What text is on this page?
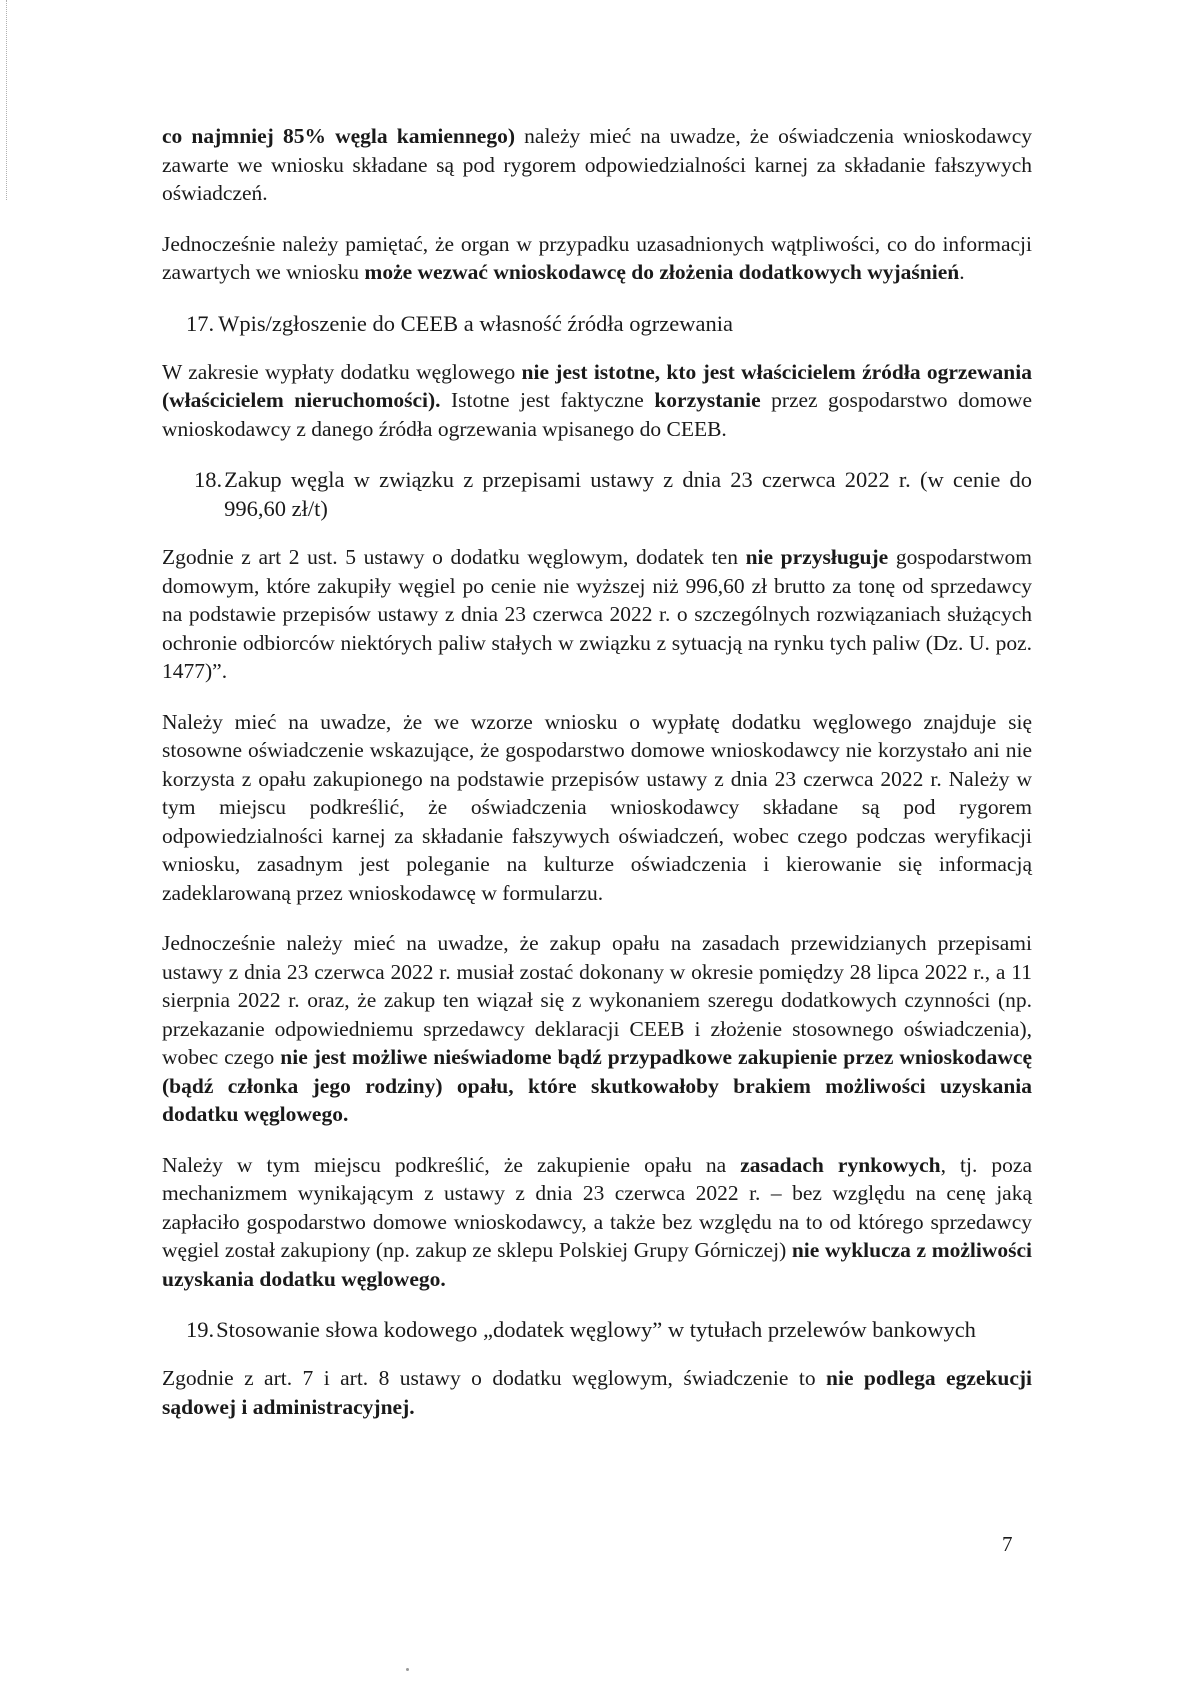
co najmniej 85% węgla kamiennego) należy mieć na uwadze, że oświadczenia wnioskodawcy zawarte we wniosku składane są pod rygorem odpowiedzialności karnej za składanie fałszywych oświadczeń.

Jednocześnie należy pamiętać, że organ w przypadku uzasadnionych wątpliwości, co do informacji zawartych we wniosku może wezwać wnioskodawcę do złożenia dodatkowych wyjaśnień.

17. Wpis/zgłoszenie do CEEB a własność źródła ogrzewania

W zakresie wypłaty dodatku węglowego nie jest istotne, kto jest właścicielem źródła ogrzewania (właścicielem nieruchomości). Istotne jest faktyczne korzystanie przez gospodarstwo domowe wnioskodawcy z danego źródła ogrzewania wpisanego do CEEB.

18. Zakup węgla w związku z przepisami ustawy z dnia 23 czerwca 2022 r. (w cenie do 996,60 zł/t)

Zgodnie z art 2 ust. 5 ustawy o dodatku węglowym, dodatek ten nie przysługuje gospodarstwom domowym, które zakupiły węgiel po cenie nie wyższej niż 996,60 zł brutto za tonę od sprzedawcy na podstawie przepisów ustawy z dnia 23 czerwca 2022 r. o szczególnych rozwiązaniach służących ochronie odbiorców niektórych paliw stałych w związku z sytuacją na rynku tych paliw (Dz. U. poz. 1477)”.

Należy mieć na uwadze, że we wzorze wniosku o wypłatę dodatku węglowego znajduje się stosowne oświadczenie wskazujące, że gospodarstwo domowe wnioskodawcy nie korzystało ani nie korzysta z opału zakupionego na podstawie przepisów ustawy z dnia 23 czerwca 2022 r. Należy w tym miejscu podkreślić, że oświadczenia wnioskodawcy składane są pod rygorem odpowiedzialności karnej za składanie fałszywych oświadczeń, wobec czego podczas weryfikacji wniosku, zasadnym jest poleganie na kulturze oświadczenia i kierowanie się informacją zadeklarowaną przez wnioskodawcę w formularzu.

Jednocześnie należy mieć na uwadze, że zakup opału na zasadach przewidzianych przepisami ustawy z dnia 23 czerwca 2022 r. musiał zostać dokonany w okresie pomiędzy 28 lipca 2022 r., a 11 sierpnia 2022 r. oraz, że zakup ten wiązał się z wykonaniem szeregu dodatkowych czynności (np. przekazanie odpowiedniemu sprzedawcy deklaracji CEEB i złożenie stosownego oświadczenia), wobec czego nie jest możliwe nieświadome bądź przypadkowe zakupienie przez wnioskodawcę (bądź członka jego rodziny) opału, które skutkowałoby brakiem możliwości uzyskania dodatku węglowego.

Należy w tym miejscu podkreślić, że zakupienie opału na zasadach rynkowych, tj. poza mechanizmem wynikającym z ustawy z dnia 23 czerwca 2022 r. – bez względu na cenę jaką zapłaciło gospodarstwo domowe wnioskodawcy, a także bez względu na to od którego sprzedawcy węgiel został zakupiony (np. zakup ze sklepu Polskiej Grupy Górniczej) nie wyklucza z możliwości uzyskania dodatku węglowego.

19. Stosowanie słowa kodowego „dodatek węglowy” w tytułach przelewów bankowych

Zgodnie z art. 7 i art. 8 ustawy o dodatku węglowym, świadczenie to nie podlega egzekucji sądowej i administracyjnej.

7
